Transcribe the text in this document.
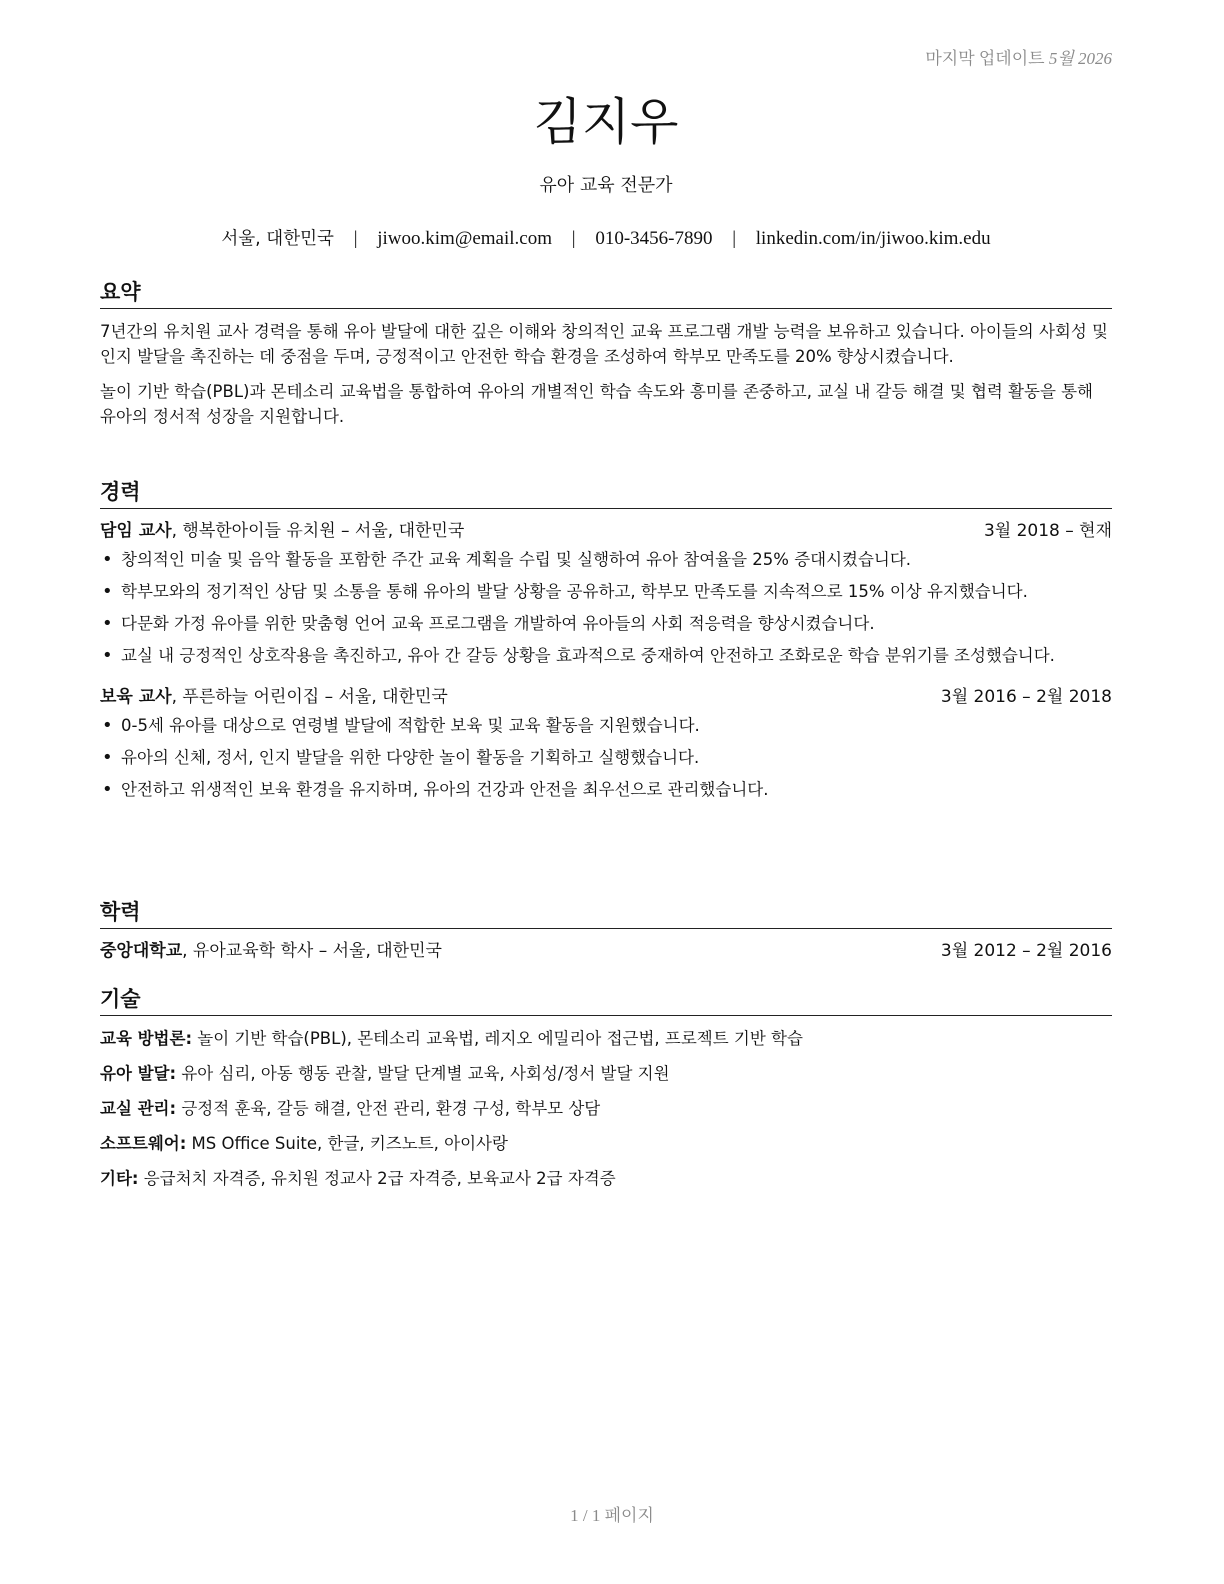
마지막 업데이트 5월 2026
김지우
유아 교육 전문가
서울, 대한민국 | jiwoo.kim@email.com | 010-3456-7890 | linkedin.com/in/jiwoo.kim.edu
요약

7년간의 유치원 교사 경력을 통해 유아 발달에 대한 깊은 이해와 창의적인 교육 프로그램 개발 능력을 보유하고 있습니다. 아이들의 사회성 및 인지 발달을 촉진하는 데 중점을 두며, 긍정적이고 안전한 학습 환경을 조성하여 학부모 만족도를 20% 향상시켰습니다.

놀이 기반 학습(PBL)과 몬테소리 교육법을 통합하여 유아의 개별적인 학습 속도와 흥미를 존중하고, 교실 내 갈등 해결 및 협력 활동을 통해 유아의 정서적 성장을 지원합니다.

경력
담임 교사, 행복한아이들 유치원 – 서울, 대한민국	3월 2018 – 현재
• 창의적인 미술 및 음악 활동을 포함한 주간 교육 계획을 수립 및 실행하여 유아 참여율을 25% 증대시켰습니다.
• 학부모와의 정기적인 상담 및 소통을 통해 유아의 발달 상황을 공유하고, 학부모 만족도를 지속적으로 15% 이상 유지했습니다.
• 다문화 가정 유아를 위한 맞춤형 언어 교육 프로그램을 개발하여 유아들의 사회 적응력을 향상시켰습니다.
• 교실 내 긍정적인 상호작용을 촉진하고, 유아 간 갈등 상황을 효과적으로 중재하여 안전하고 조화로운 학습 분위기를 조성했습니다.
보육 교사, 푸른하늘 어린이집 – 서울, 대한민국	3월 2016 – 2월 2018
• 0-5세 유아를 대상으로 연령별 발달에 적합한 보육 및 교육 활동을 지원했습니다.
• 유아의 신체, 정서, 인지 발달을 위한 다양한 놀이 활동을 기획하고 실행했습니다.
• 안전하고 위생적인 보육 환경을 유지하며, 유아의 건강과 안전을 최우선으로 관리했습니다.
학력
중앙대학교, 유아교육학 학사 – 서울, 대한민국	3월 2012 – 2월 2016
기술
교육 방법론: 놀이 기반 학습(PBL), 몬테소리 교육법, 레지오 에밀리아 접근법, 프로젝트 기반 학습
유아 발달: 유아 심리, 아동 행동 관찰, 발달 단계별 교육, 사회성/정서 발달 지원
교실 관리: 긍정적 훈육, 갈등 해결, 안전 관리, 환경 구성, 학부모 상담
소프트웨어: MS Office Suite, 한글, 키즈노트, 아이사랑
기타: 응급처치 자격증, 유치원 정교사 2급 자격증, 보육교사 2급 자격증
1 / 1 페이지
